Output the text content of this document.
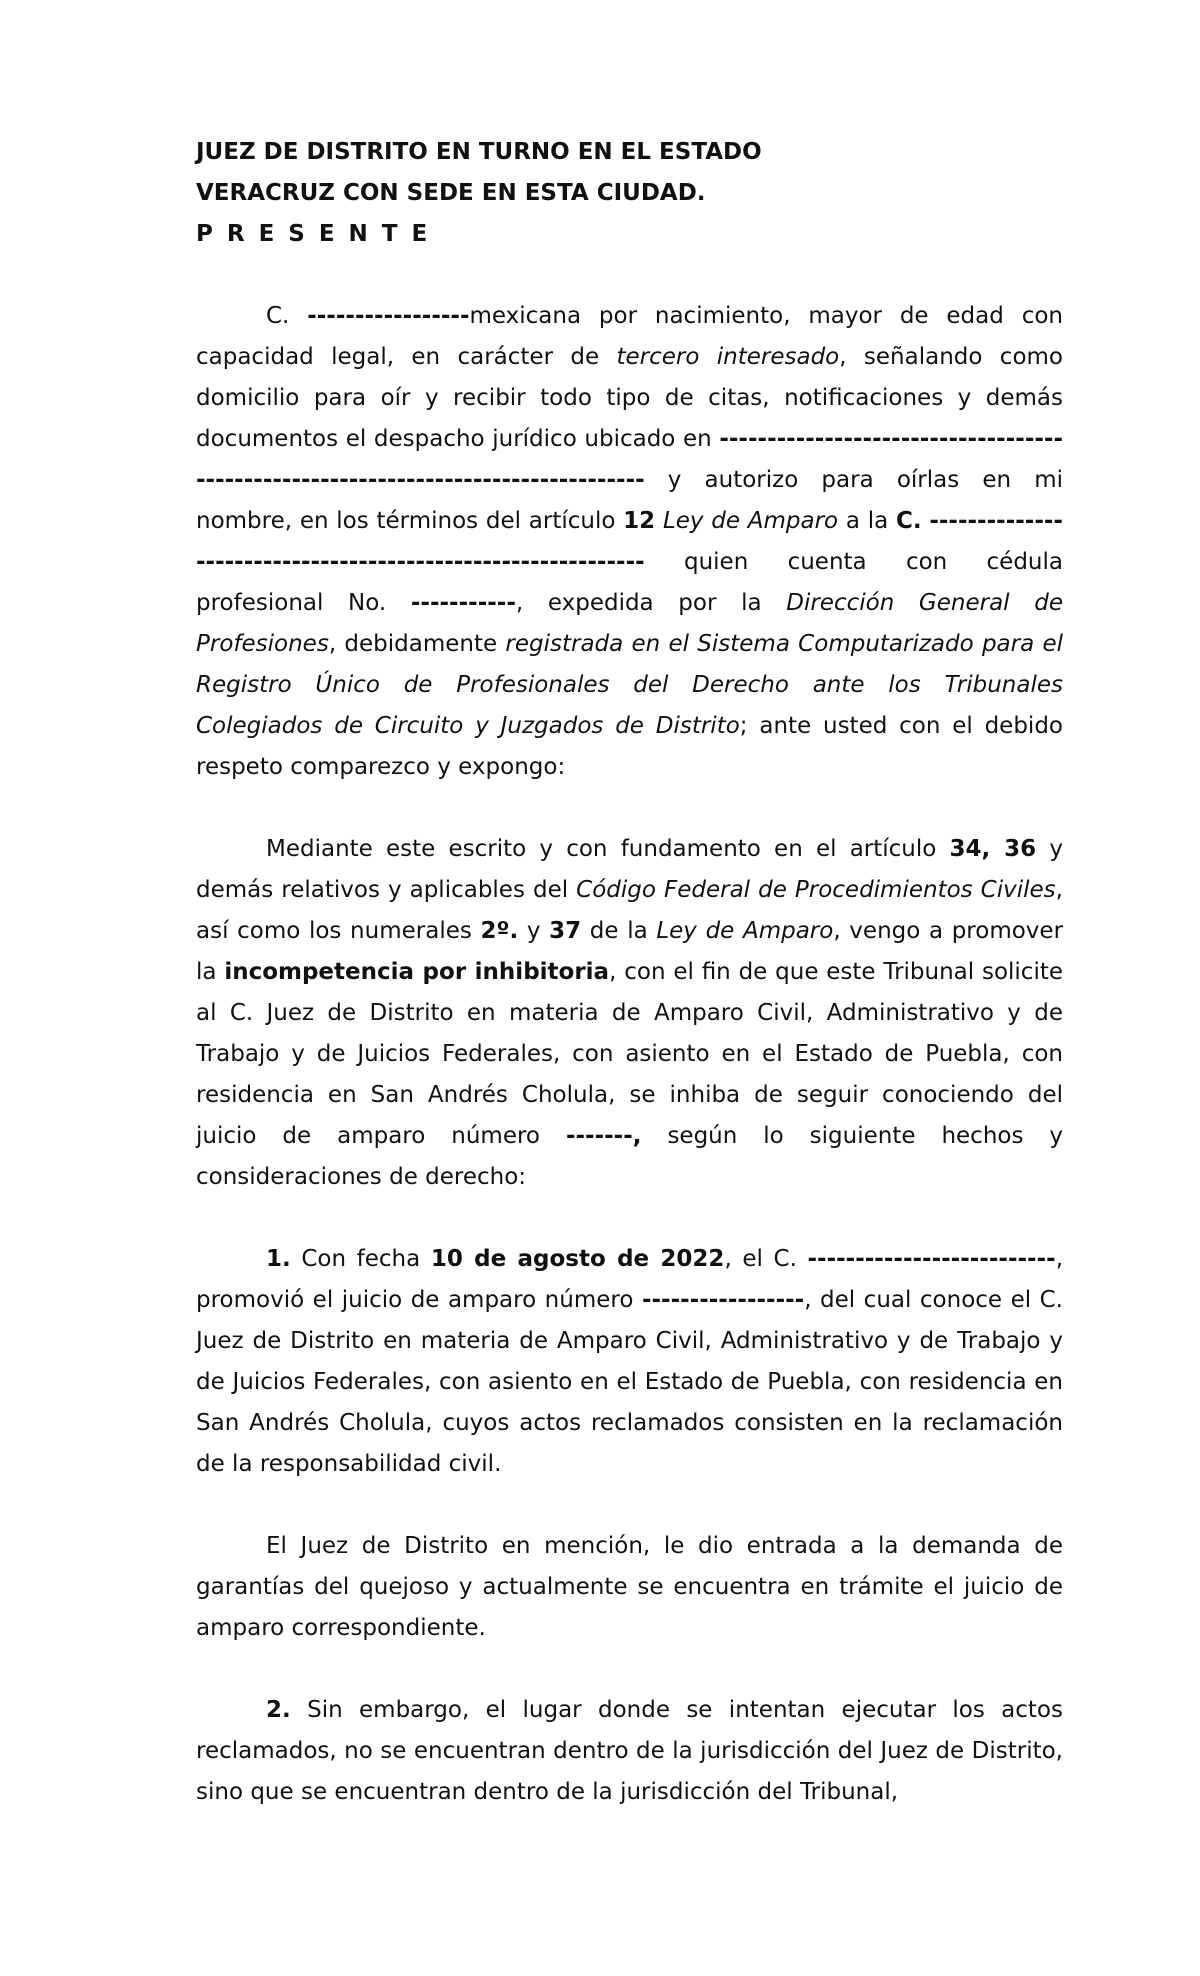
JUEZ DE DISTRITO EN TURNO EN EL ESTADO

VERACRUZ CON SEDE EN ESTA CIUDAD.

PRESENTE

C. -----------------mexicana por nacimiento, mayor de edad con capacidad legal, en carácter de tercero interesado, señalando como domicilio para oír y recibir todo tipo de citas, notificaciones y demás documentos el despacho jurídico ubicado en ----------------------------------------------------------------------------------- y autorizo para oírlas en mi nombre, en los términos del artículo 12 Ley de Amparo a la C. ------------------------------------------------------------- quien cuenta con cédula profesional No. -----------, expedida por la Dirección General de Profesiones, debidamente registrada en el Sistema Computarizado para el Registro Único de Profesionales del Derecho ante los Tribunales Colegiados de Circuito y Juzgados de Distrito; ante usted con el debido respeto comparezco y expongo:

Mediante este escrito y con fundamento en el artículo 34, 36 y demás relativos y aplicables del Código Federal de Procedimientos Civiles, así como los numerales 2º. y 37 de la Ley de Amparo, vengo a promover la incompetencia por inhibitoria, con el fin de que este Tribunal solicite al C. Juez de Distrito en materia de Amparo Civil, Administrativo y de Trabajo y de Juicios Federales, con asiento en el Estado de Puebla, con residencia en San Andrés Cholula, se inhiba de seguir conociendo del juicio de amparo número -------, según lo siguiente hechos y consideraciones de derecho:

1. Con fecha 10 de agosto de 2022, el C. --------------------------, promovió el juicio de amparo número -----------------, del cual conoce el C. Juez de Distrito en materia de Amparo Civil, Administrativo y de Trabajo y de Juicios Federales, con asiento en el Estado de Puebla, con residencia en San Andrés Cholula, cuyos actos reclamados consisten en la reclamación de la responsabilidad civil.

El Juez de Distrito en mención, le dio entrada a la demanda de garantías del quejoso y actualmente se encuentra en trámite el juicio de amparo correspondiente.

2. Sin embargo, el lugar donde se intentan ejecutar los actos reclamados, no se encuentran dentro de la jurisdicción del Juez de Distrito, sino que se encuentran dentro de la jurisdicción del Tribunal,
